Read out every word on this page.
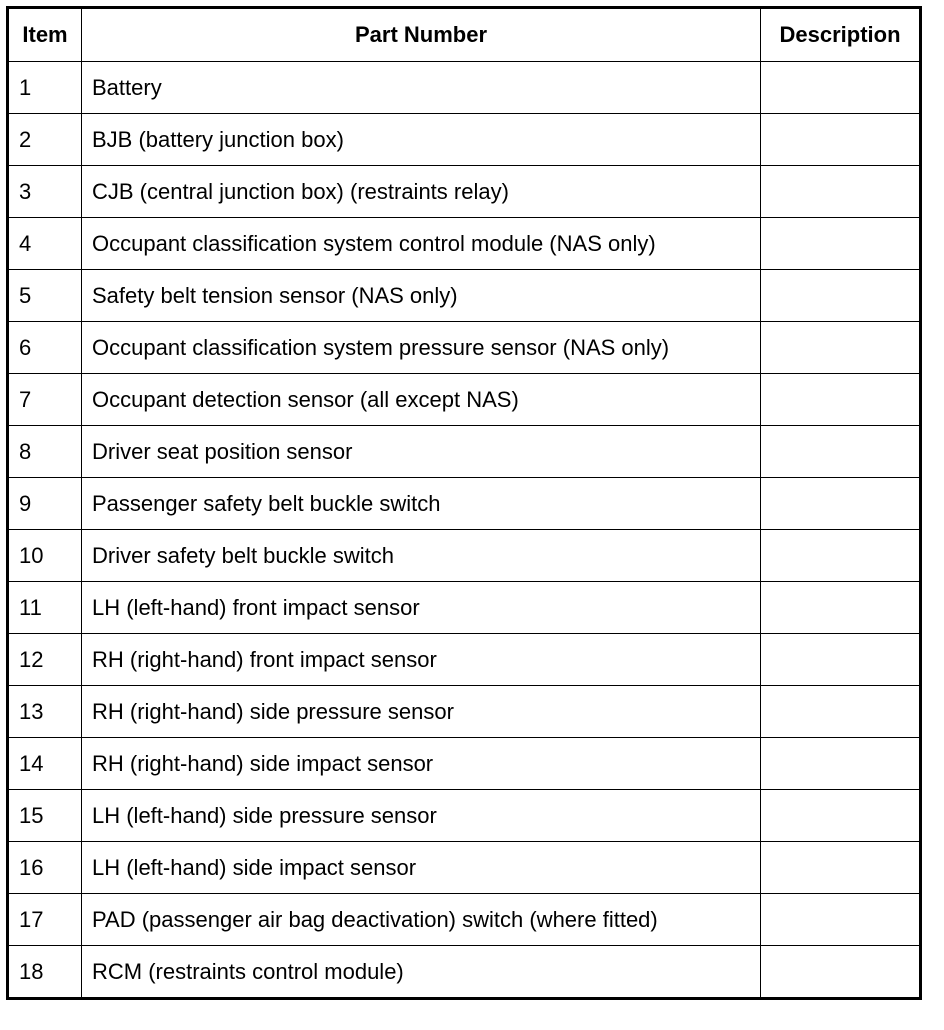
Item	Part Number	Description
1	Battery	
2	BJB (battery junction box)	
3	CJB (central junction box) (restraints relay)	
4	Occupant classification system control module (NAS only)	
5	Safety belt tension sensor (NAS only)	
6	Occupant classification system pressure sensor (NAS only)	
7	Occupant detection sensor (all except NAS)	
8	Driver seat position sensor	
9	Passenger safety belt buckle switch	
10	Driver safety belt buckle switch	
11	LH (left-hand) front impact sensor	
12	RH (right-hand) front impact sensor	
13	RH (right-hand) side pressure sensor	
14	RH (right-hand) side impact sensor	
15	LH (left-hand) side pressure sensor	
16	LH (left-hand) side impact sensor	
17	PAD (passenger air bag deactivation) switch (where fitted)	
18	RCM (restraints control module)	
